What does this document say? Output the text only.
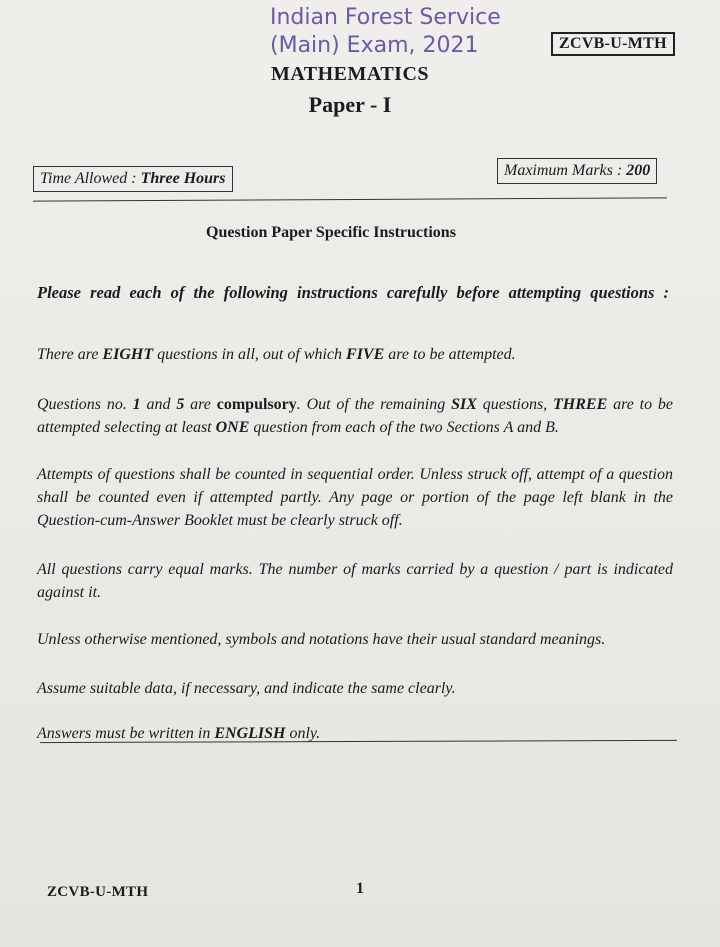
Indian Forest Service
(Main) Exam, 2021	ZCVB-U-MTH
MATHEMATICS
Paper - I
Time Allowed : Three Hours	Maximum Marks : 200
Question Paper Specific Instructions
Please read each of the following instructions carefully before attempting questions :
There are EIGHT questions in all, out of which FIVE are to be attempted.
Questions no. 1 and 5 are compulsory. Out of the remaining SIX questions, THREE are to be attempted selecting at least ONE question from each of the two Sections A and B.
Attempts of questions shall be counted in sequential order. Unless struck off, attempt of a question shall be counted even if attempted partly. Any page or portion of the page left blank in the Question-cum-Answer Booklet must be clearly struck off.
All questions carry equal marks. The number of marks carried by a question / part is indicated against it.
Unless otherwise mentioned, symbols and notations have their usual standard meanings.
Assume suitable data, if necessary, and indicate the same clearly.
Answers must be written in ENGLISH only.
ZCVB-U-MTH	1
